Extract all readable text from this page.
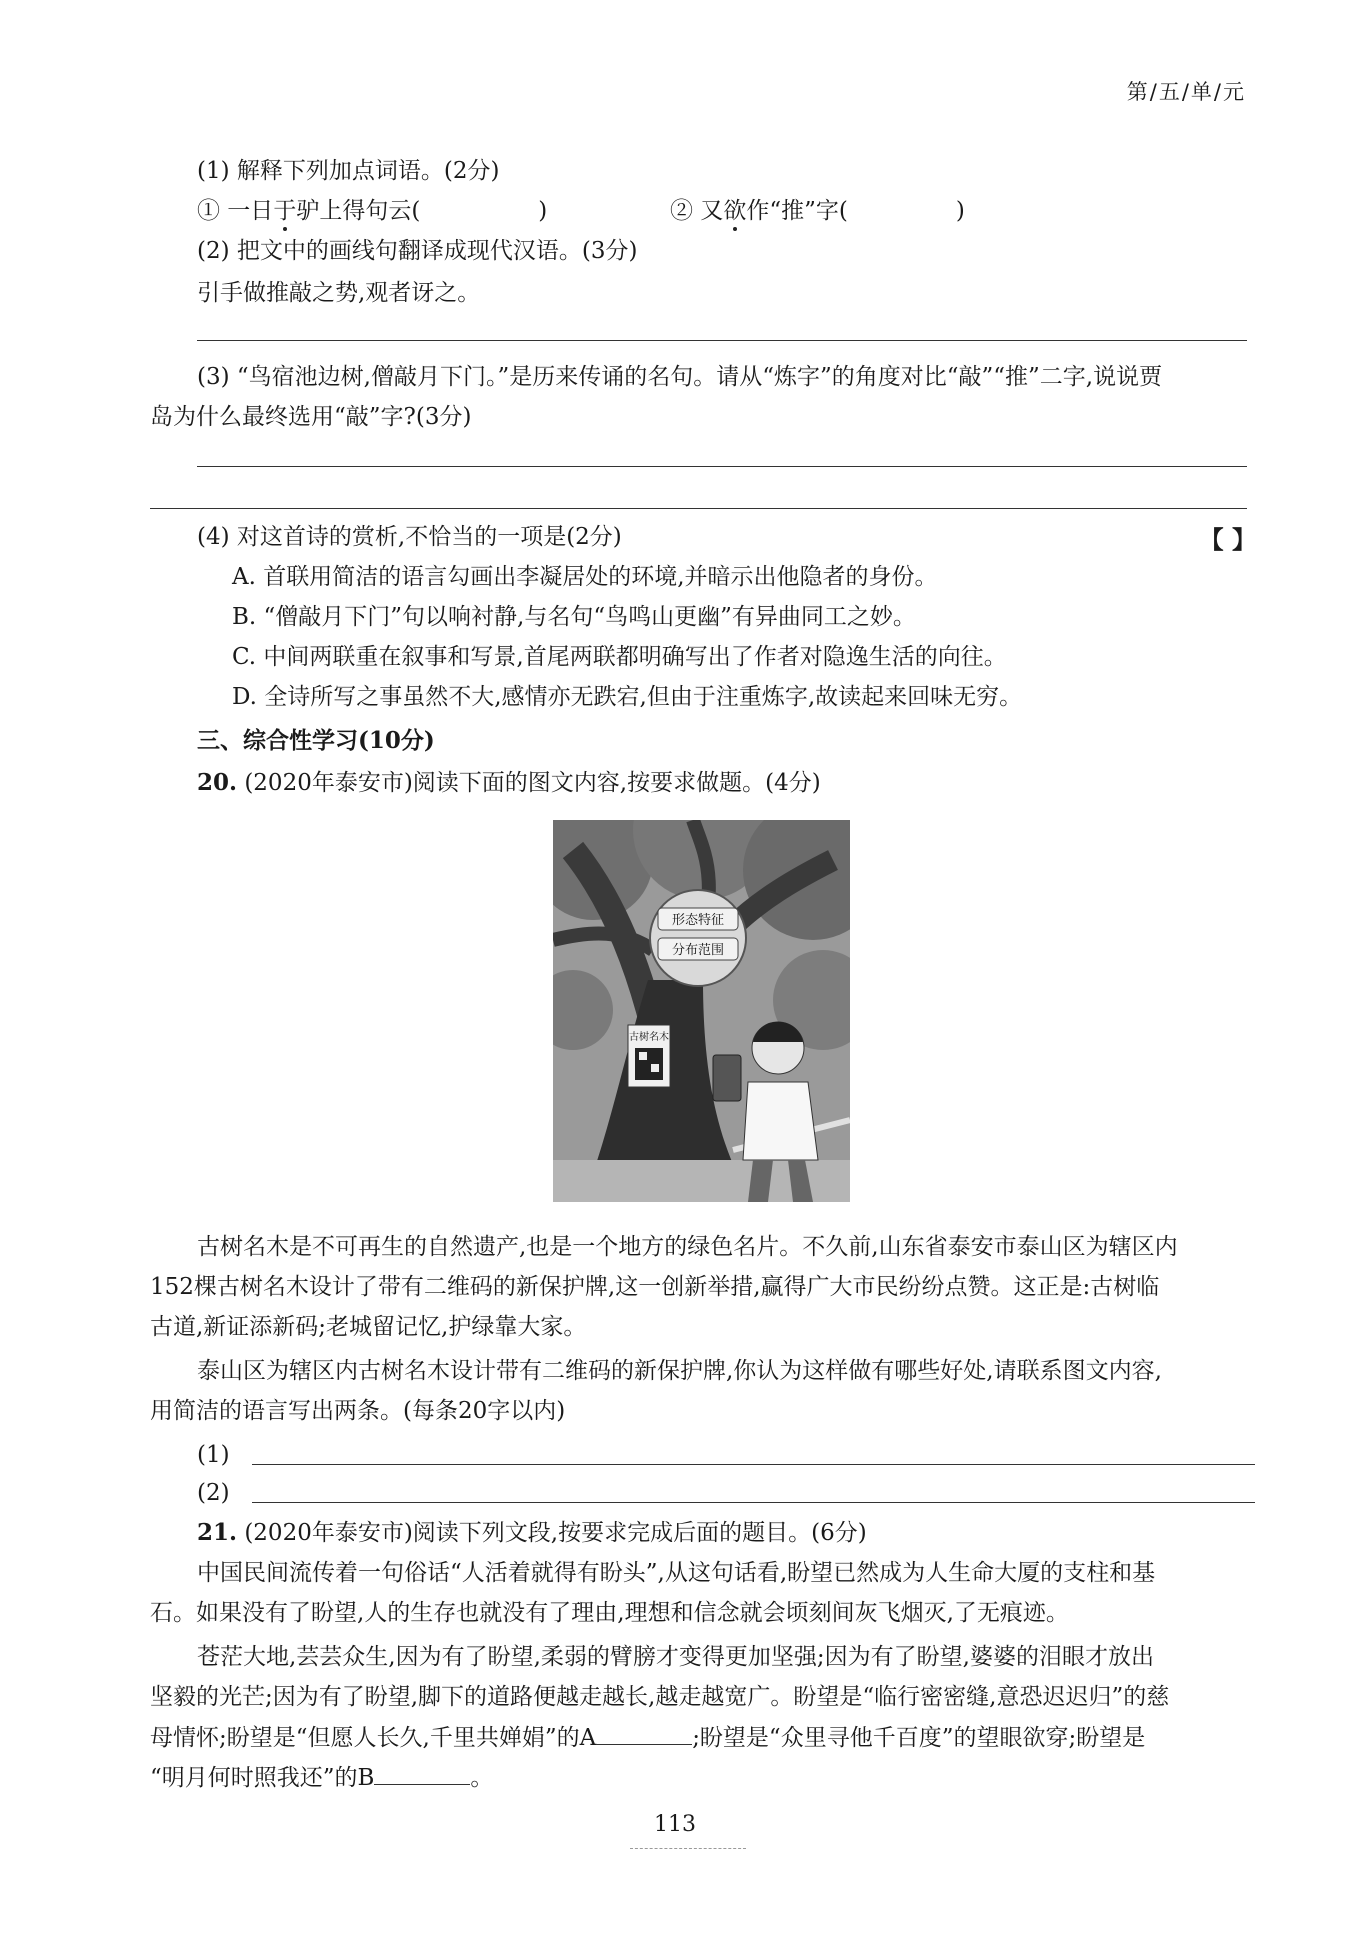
第/五/单/元
(1) 解释下列加点词语。(2分)
① 一日于驴上得句云(	)	② 又欲作“推”字(	)
(2) 把文中的画线句翻译成现代汉语。(3分)
引手做推敲之势,观者讶之。
(3) “鸟宿池边树,僧敲月下门。”是历来传诵的名句。请从“炼字”的角度对比“敲”“推”二字,说说贾
岛为什么最终选用“敲”字?(3分)
(4) 对这首诗的赏析,不恰当的一项是(2分)	【 】
A. 首联用简洁的语言勾画出李凝居处的环境,并暗示出他隐者的身份。
B. “僧敲月下门”句以响衬静,与名句“鸟鸣山更幽”有异曲同工之妙。
C. 中间两联重在叙事和写景,首尾两联都明确写出了作者对隐逸生活的向往。
D. 全诗所写之事虽然不大,感情亦无跌宕,但由于注重炼字,故读起来回味无穷。
三、综合性学习(10分)
20. (2020年泰安市)阅读下面的图文内容,按要求做题。(4分)
形态特征
分布范围
古树名木
古树名木是不可再生的自然遗产,也是一个地方的绿色名片。不久前,山东省泰安市泰山区为辖区内
152棵古树名木设计了带有二维码的新保护牌,这一创新举措,赢得广大市民纷纷点赞。这正是:古树临
古道,新证添新码;老城留记忆,护绿靠大家。
泰山区为辖区内古树名木设计带有二维码的新保护牌,你认为这样做有哪些好处,请联系图文内容,
用简洁的语言写出两条。(每条20字以内)
(1)
(2)
21. (2020年泰安市)阅读下列文段,按要求完成后面的题目。(6分)
中国民间流传着一句俗话“人活着就得有盼头”,从这句话看,盼望已然成为人生命大厦的支柱和基
石。如果没有了盼望,人的生存也就没有了理由,理想和信念就会顷刻间灰飞烟灭,了无痕迹。
苍茫大地,芸芸众生,因为有了盼望,柔弱的臂膀才变得更加坚强;因为有了盼望,婆婆的泪眼才放出
坚毅的光芒;因为有了盼望,脚下的道路便越走越长,越走越宽广。盼望是“临行密密缝,意恐迟迟归”的慈
母情怀;盼望是“但愿人长久,千里共婵娟”的A	;盼望是“众里寻他千百度”的望眼欲穿;盼望是
“明月何时照我还”的B	。
113
